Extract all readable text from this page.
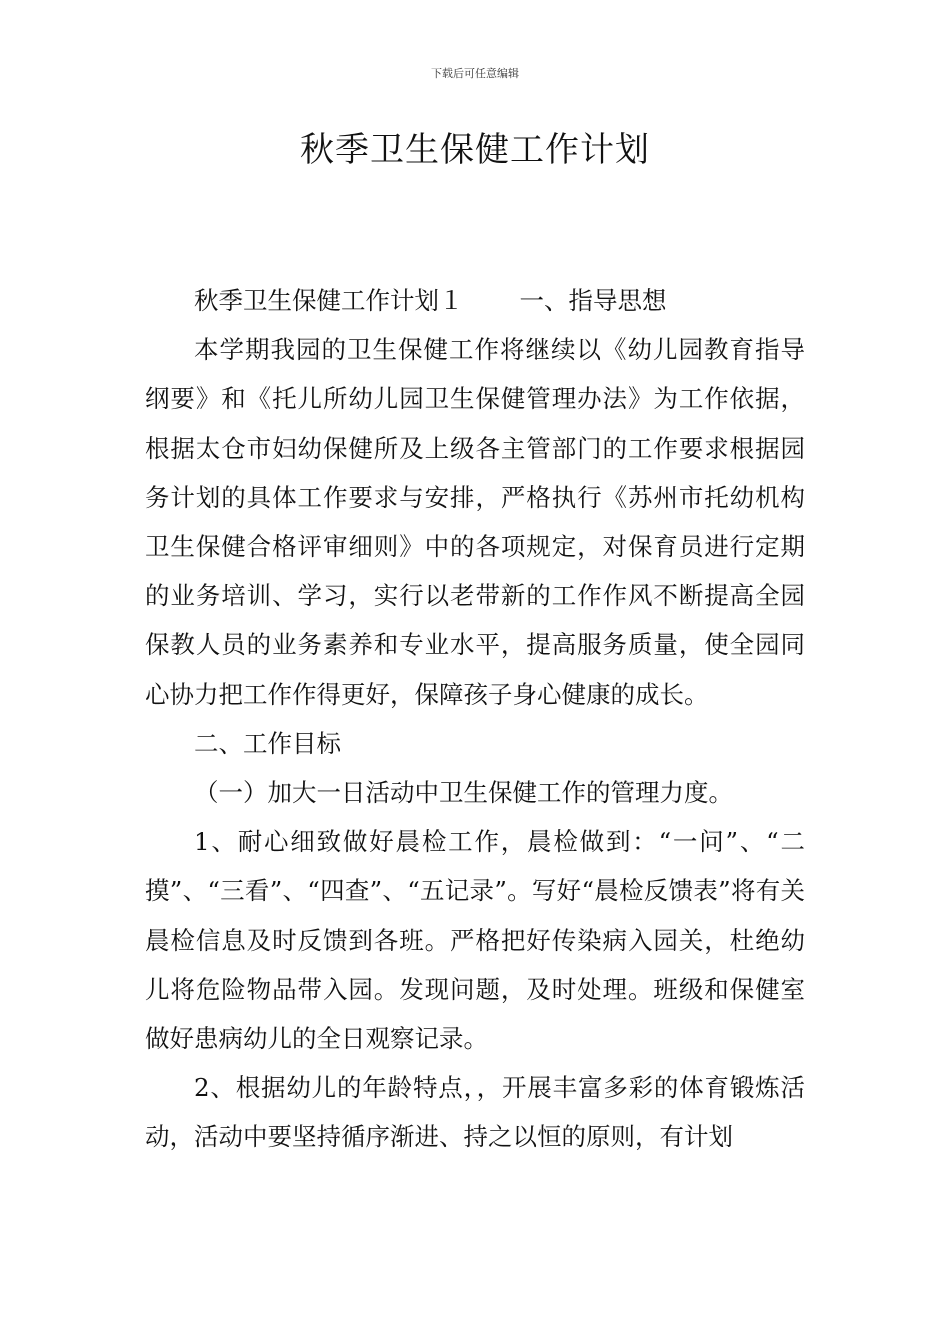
下载后可任意编辑
秋季卫生保健工作计划

秋季卫生保健工作计划１ 一、指导思想

本学期我园的卫生保健工作将继续以《幼儿园教育指导纲要》和《托儿所幼儿园卫生保健管理办法》为工作依据，根据太仓市妇幼保健所及上级各主管部门的工作要求根据园务计划的具体工作要求与安排，严格执行《苏州市托幼机构卫生保健合格评审细则》中的各项规定，对保育员进行定期的业务培训、学习，实行以老带新的工作作风不断提高全园保教人员的业务素养和专业水平，提高服务质量，使全园同心协力把工作作得更好，保障孩子身心健康的成长。

二、工作目标

（一）加大一日活动中卫生保健工作的管理力度。

1、耐心细致做好晨检工作，晨检做到：“一问”、“二摸”、“三看”、“四查”、“五记录”。写好“晨检反馈表”将有关晨检信息及时反馈到各班。严格把好传染病入园关，杜绝幼儿将危险物品带入园。发现问题，及时处理。班级和保健室做好患病幼儿的全日观察记录。

2、根据幼儿的年龄特点，，开展丰富多彩的体育锻炼活动，活动中要坚持循序渐进、持之以恒的原则，有计划
